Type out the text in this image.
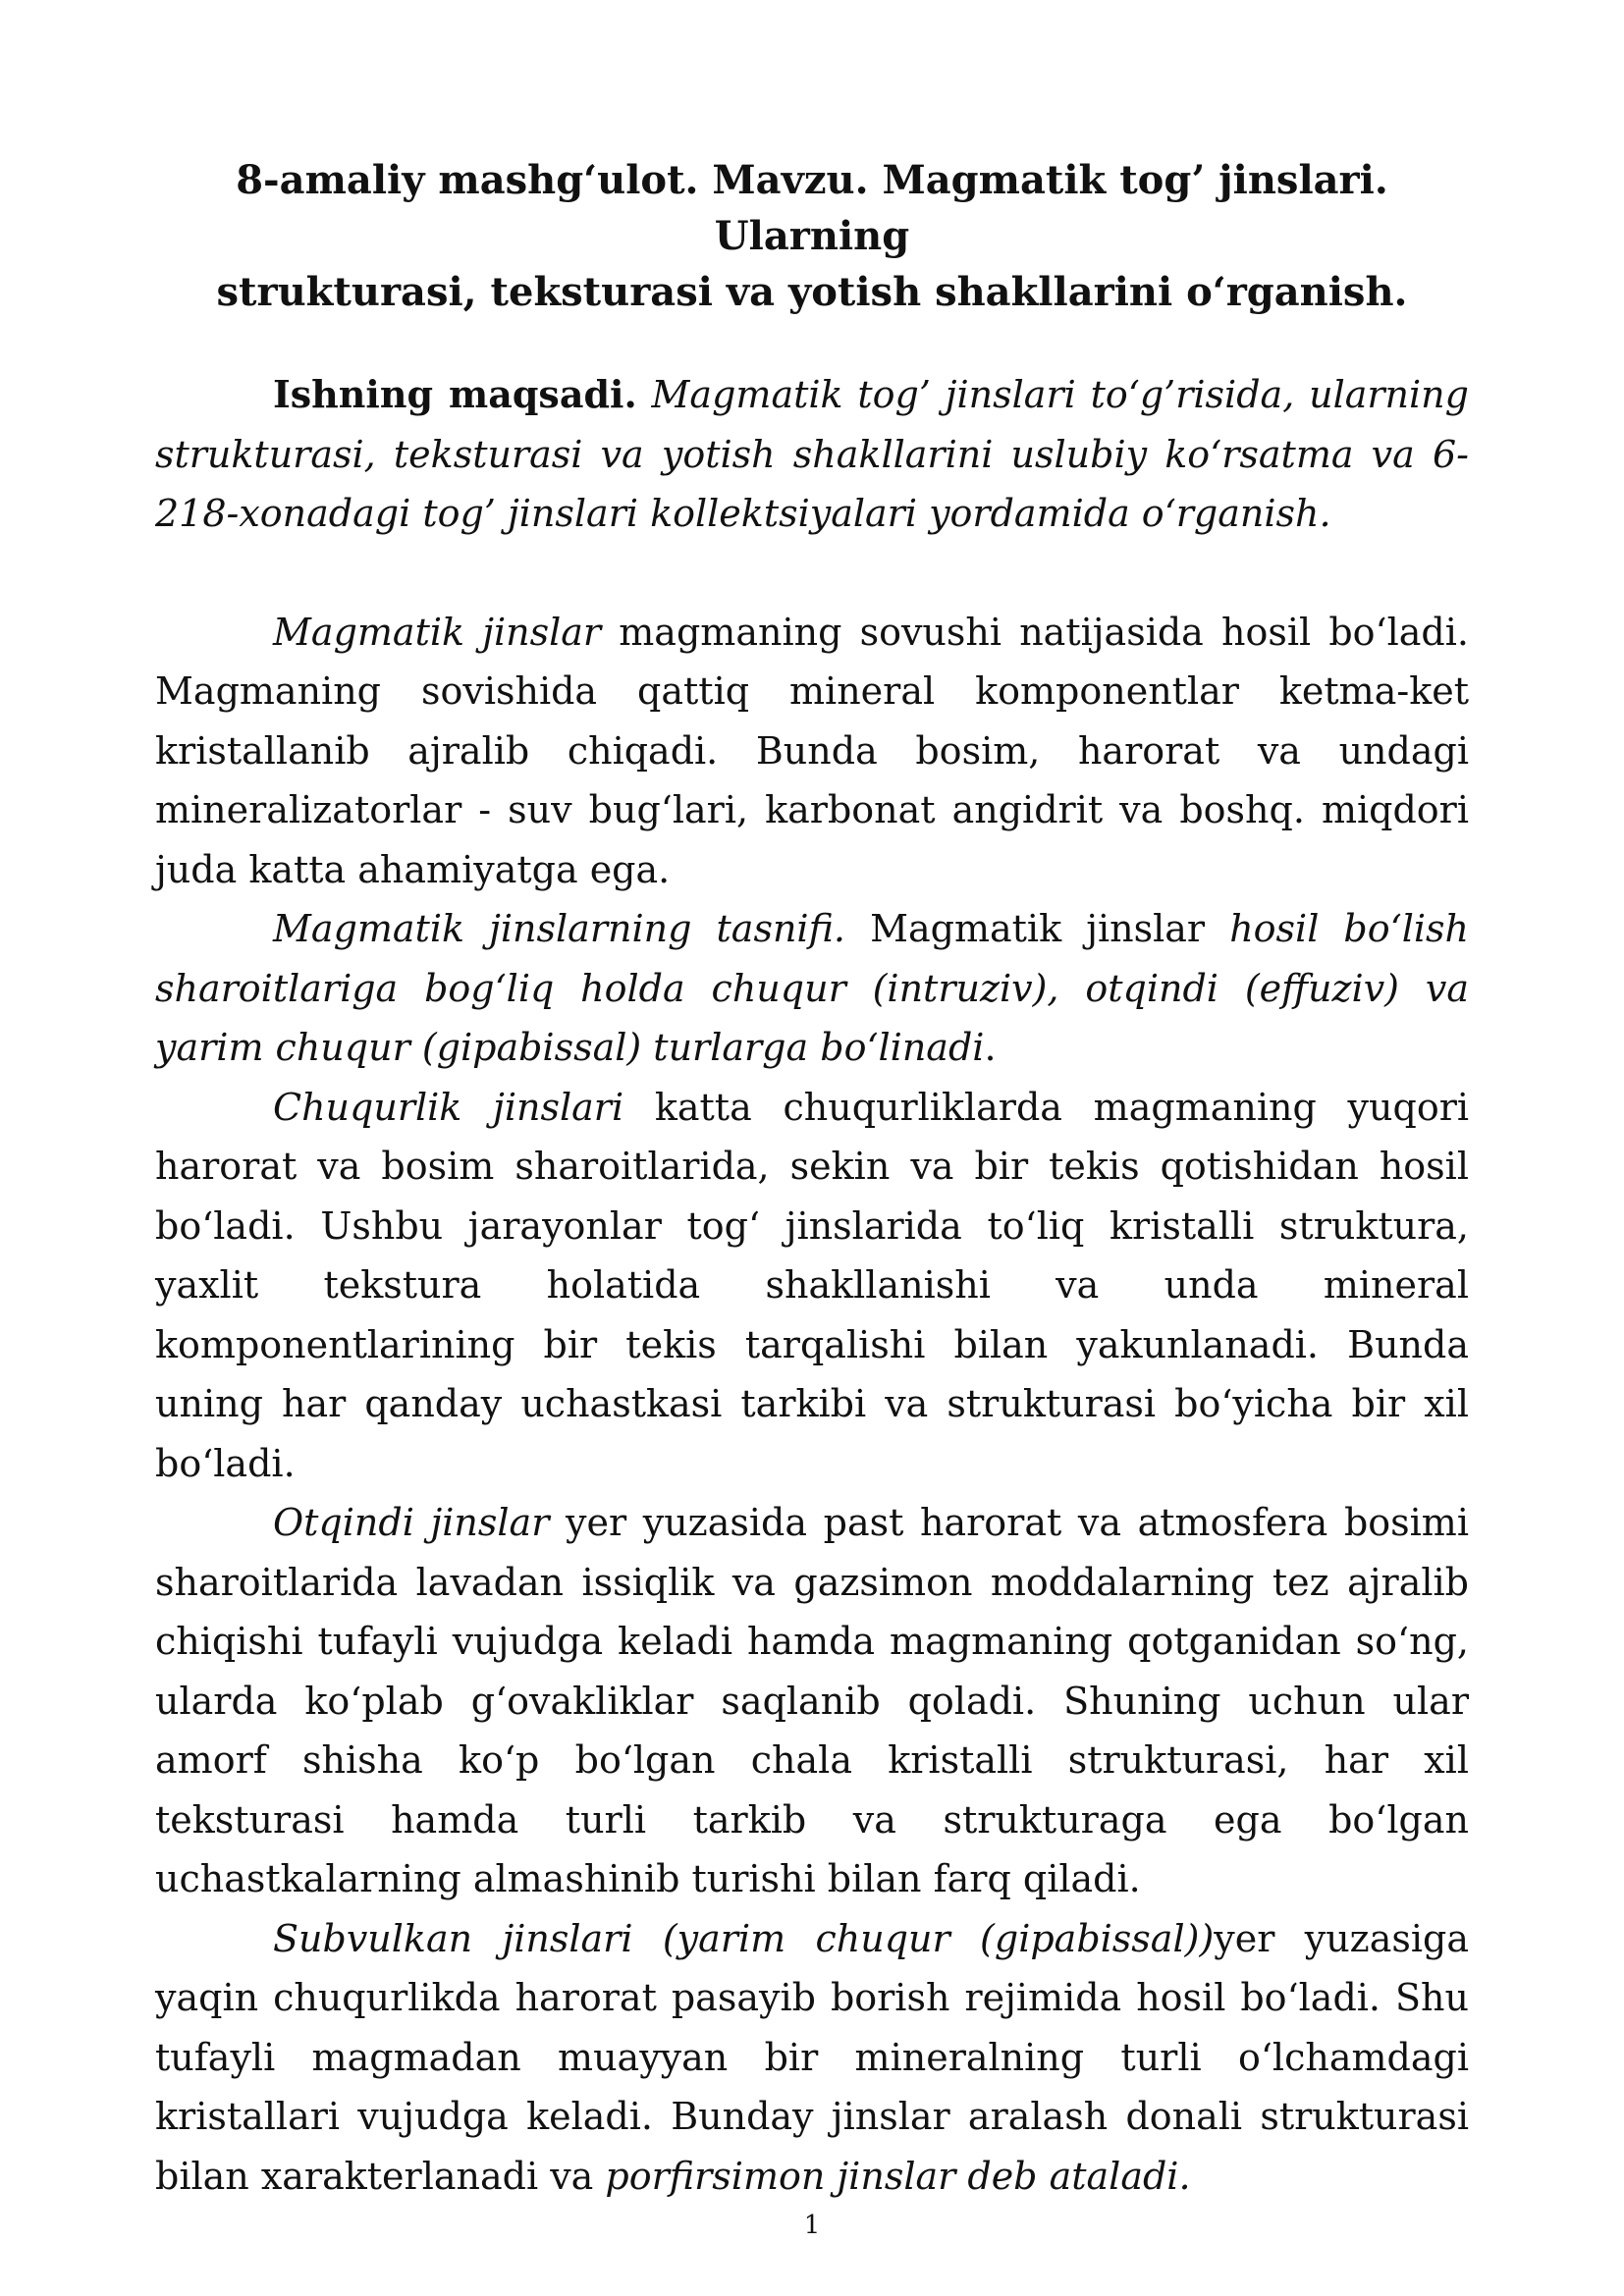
8-amaliy mashg‘ulot. Mavzu. Magmatik tog’ jinslari. Ularning
strukturasi, teksturasi va yotish shakllarini o‘rganish.

Ishning maqsadi. Magmatik tog’ jinslari to‘g’risida, ularning strukturasi, teksturasi va yotish shakllarini uslubiy ko‘rsatma va 6-218-xonadagi tog’ jinslari kollektsiyalari yordamida o‘rganish.

Magmatik jinslar magmaning sovushi natijasida hosil bo‘ladi. Magmaning sovishida qattiq mineral komponentlar ketma-ket kristallanib ajralib chiqadi. Bunda bosim, harorat va undagi mineralizatorlar - suv bug‘lari, karbonat angidrit va boshq. miqdori juda katta ahamiyatga ega.

Magmatik jinslarning tasnifi. Magmatik jinslar hosil bo‘lish sharoitlariga bog‘liq holda chuqur (intruziv), otqindi (effuziv) va yarim chuqur (gipabissal) turlarga bo‘linadi.

Chuqurlik jinslari katta chuqurliklarda magmaning yuqori harorat va bosim sharoitlarida, sekin va bir tekis qotishidan hosil bo‘ladi. Ushbu jarayonlar tog‘ jinslarida to‘liq kristalli struktura, yaxlit tekstura holatida shakllanishi va unda mineral komponentlarining bir tekis tarqalishi bilan yakunlanadi. Bunda uning har qanday uchastkasi tarkibi va strukturasi bo‘yicha bir xil bo‘ladi.

Otqindi jinslar yer yuzasida past harorat va atmosfera bosimi sharoitlarida lavadan issiqlik va gazsimon moddalarning tez ajralib chiqishi tufayli vujudga keladi hamda magmaning qotganidan so‘ng, ularda ko‘plab g‘ovakliklar saqlanib qoladi. Shuning uchun ular amorf shisha ko‘p bo‘lgan chala kristalli strukturasi, har xil teksturasi hamda turli tarkib va strukturaga ega bo‘lgan uchastkalarning almashinib turishi bilan farq qiladi.

Subvulkan jinslari (yarim chuqur (gipabissal))yer yuzasiga yaqin chuqurlikda harorat pasayib borish rejimida hosil bo‘ladi. Shu tufayli magmadan muayyan bir mineralning turli o‘lchamdagi kristallari vujudga keladi. Bunday jinslar aralash donali strukturasi bilan xarakterlanadi va porfirsimon jinslar deb ataladi.

1
